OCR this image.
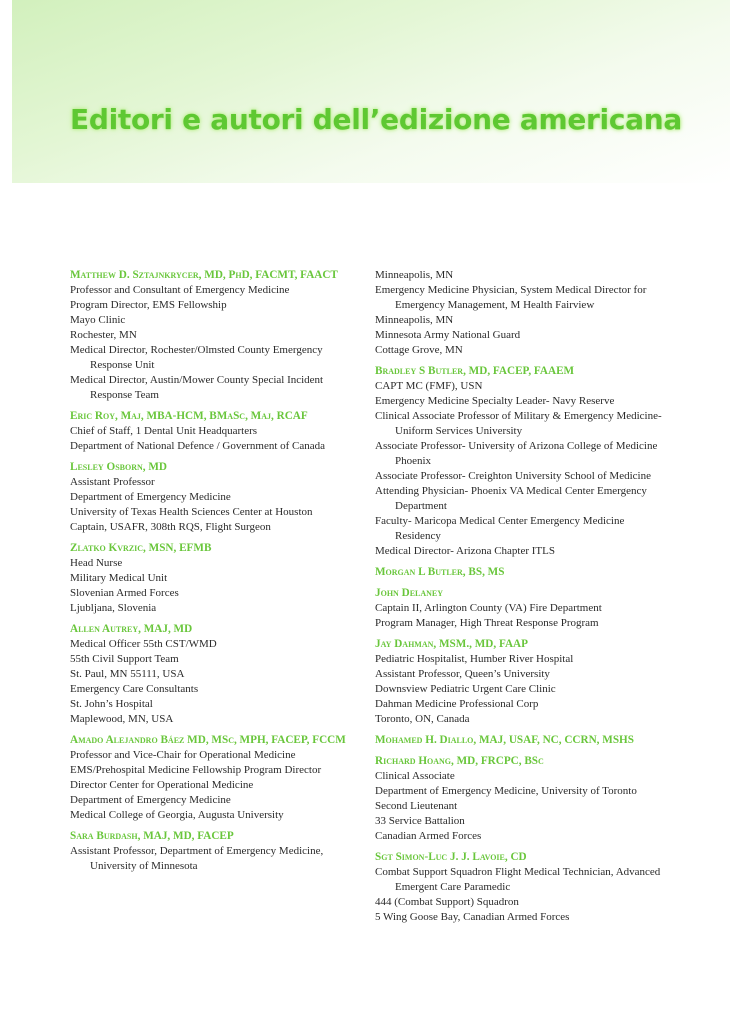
Editori e autori dell’edizione americana
Matthew D. Sztajnkrycer, MD, PhD, FACMT, FAACT
Professor and Consultant of Emergency Medicine
Program Director, EMS Fellowship
Mayo Clinic
Rochester, MN
Medical Director, Rochester/Olmsted County Emergency Response Unit
Medical Director, Austin/Mower County Special Incident Response Team
Eric Roy, Maj, MBA-HCM, BMaSc, Maj, RCAF
Chief of Staff, 1 Dental Unit Headquarters
Department of National Defence / Government of Canada
Lesley Osborn, MD
Assistant Professor
Department of Emergency Medicine
University of Texas Health Sciences Center at Houston
Captain, USAFR, 308th RQS, Flight Surgeon
Zlatko Kvrzic, MSN, EFMB
Head Nurse
Military Medical Unit
Slovenian Armed Forces
Ljubljana, Slovenia
Allen Autrey, MAJ, MD
Medical Officer 55th CST/WMD
55th Civil Support Team
St. Paul, MN 55111, USA
Emergency Care Consultants
St. John’s Hospital
Maplewood, MN, USA
Amado Alejandro Báez MD, MSc, MPH, FACEP, FCCM
Professor and Vice-Chair for Operational Medicine
EMS/Prehospital Medicine Fellowship Program Director
Director Center for Operational Medicine
Department of Emergency Medicine
Medical College of Georgia, Augusta University
Sara Burdash, MAJ, MD, FACEP
Assistant Professor, Department of Emergency Medicine, University of Minnesota
Minneapolis, MN
Emergency Medicine Physician, System Medical Director for Emergency Management, M Health Fairview
Minneapolis, MN
Minnesota Army National Guard
Cottage Grove, MN
Bradley S Butler, MD, FACEP, FAAEM
CAPT MC (FMF), USN
Emergency Medicine Specialty Leader- Navy Reserve
Clinical Associate Professor of Military & Emergency Medicine- Uniform Services University
Associate Professor- University of Arizona College of Medicine Phoenix
Associate Professor- Creighton University School of Medicine
Attending Physician- Phoenix VA Medical Center Emergency Department
Faculty- Maricopa Medical Center Emergency Medicine Residency
Medical Director- Arizona Chapter ITLS
Morgan L Butler, BS, MS
John Delaney
Captain II, Arlington County (VA) Fire Department
Program Manager, High Threat Response Program
Jay Dahman, MSM., MD, FAAP
Pediatric Hospitalist, Humber River Hospital
Assistant Professor, Queen’s University
Downsview Pediatric Urgent Care Clinic
Dahman Medicine Professional Corp
Toronto, ON, Canada
Mohamed H. Diallo, MAJ, USAF, NC, CCRN, MSHS
Richard Hoang, MD, FRCPC, BSc
Clinical Associate
Department of Emergency Medicine, University of Toronto
Second Lieutenant
33 Service Battalion
Canadian Armed Forces
Sgt Simon-Luc J. J. Lavoie, CD
Combat Support Squadron Flight Medical Technician, Advanced Emergent Care Paramedic
444 (Combat Support) Squadron
5 Wing Goose Bay, Canadian Armed Forces
